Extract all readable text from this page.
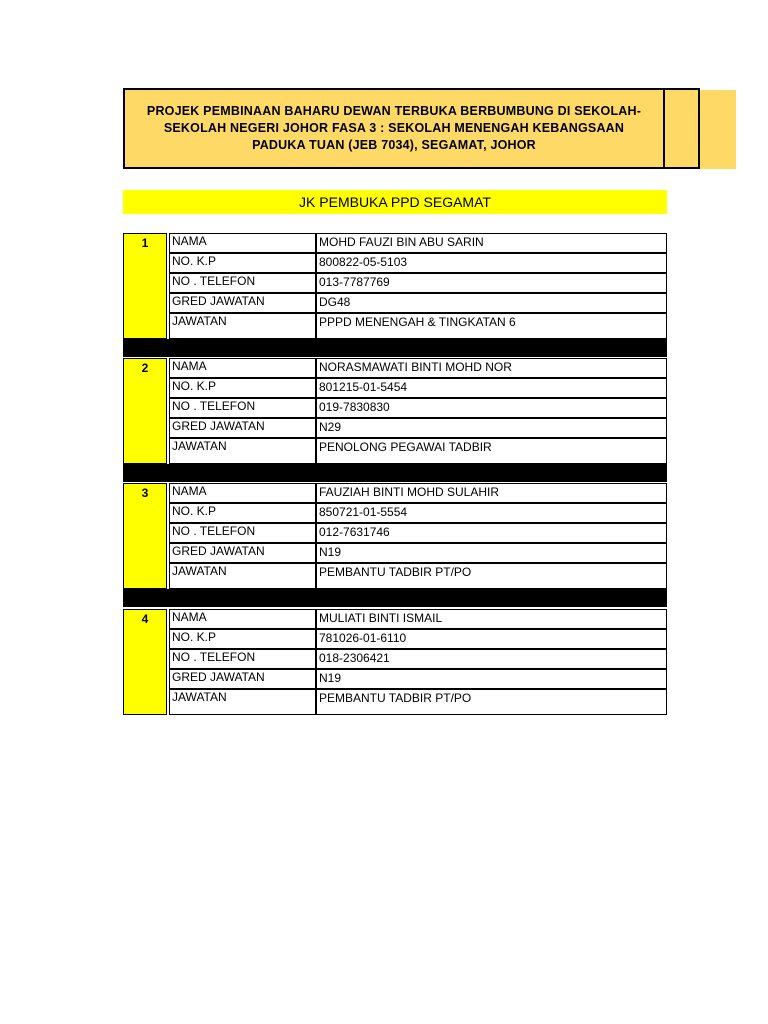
PROJEK PEMBINAAN BAHARU DEWAN TERBUKA BERBUMBUNG DI SEKOLAH-
SEKOLAH NEGERI JOHOR FASA 3 : SEKOLAH MENENGAH KEBANGSAAN
PADUKA TUAN (JEB 7034), SEGAMAT, JOHOR
JK PEMBUKA PPD SEGAMAT
1	NAMA	MOHD FAUZI BIN ABU SARIN
NO. K.P	800822-05-5103
NO . TELEFON	013-7787769
GRED JAWATAN	DG48
JAWATAN	PPPD MENENGAH & TINGKATAN 6
2	NAMA	NORASMAWATI BINTI MOHD NOR
NO. K.P	801215-01-5454
NO . TELEFON	019-7830830
GRED JAWATAN	N29
JAWATAN	PENOLONG PEGAWAI TADBIR
3	NAMA	FAUZIAH BINTI MOHD SULAHIR
NO. K.P	850721-01-5554
NO . TELEFON	012-7631746
GRED JAWATAN	N19
JAWATAN	PEMBANTU TADBIR PT/PO
4	NAMA	MULIATI BINTI ISMAIL
NO. K.P	781026-01-6110
NO . TELEFON	018-2306421
GRED JAWATAN	N19
JAWATAN	PEMBANTU TADBIR PT/PO
